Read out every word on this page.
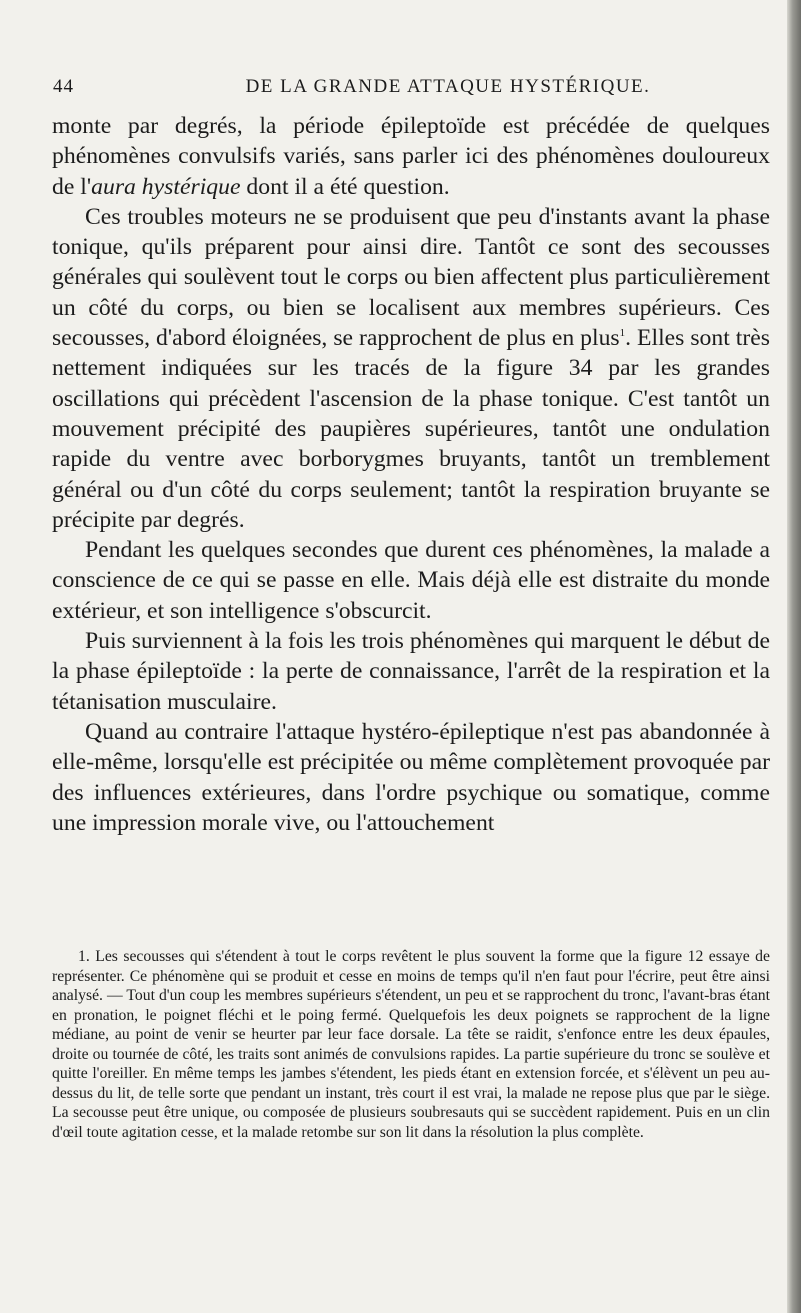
44	DE LA GRANDE ATTAQUE HYSTÉRIQUE.

monte par degrés, la période épileptoïde est précédée de quelques phénomènes convulsifs variés, sans parler ici des phénomènes douloureux de l'aura hystérique dont il a été question.

Ces troubles moteurs ne se produisent que peu d'instants avant la phase tonique, qu'ils préparent pour ainsi dire. Tantôt ce sont des secousses générales qui soulèvent tout le corps ou bien affectent plus particulièrement un côté du corps, ou bien se localisent aux membres supérieurs. Ces secousses, d'abord éloignées, se rapprochent de plus en plus$^1$. Elles sont très nettement indiquées sur les tracés de la figure 34 par les grandes oscillations qui précèdent l'ascension de la phase tonique. C'est tantôt un mouvement précipité des paupières supérieures, tantôt une ondulation rapide du ventre avec borborygmes bruyants, tantôt un tremblement général ou d'un côté du corps seulement; tantôt la respiration bruyante se précipite par degrés.

Pendant les quelques secondes que durent ces phénomènes, la malade a conscience de ce qui se passe en elle. Mais déjà elle est distraite du monde extérieur, et son intelligence s'obscurcit.

Puis surviennent à la fois les trois phénomènes qui marquent le début de la phase épileptoïde : la perte de connaissance, l'arrêt de la respiration et la tétanisation musculaire.

Quand au contraire l'attaque hystéro-épileptique n'est pas abandonnée à elle-même, lorsqu'elle est précipitée ou même complètement provoquée par des influences extérieures, dans l'ordre psychique ou somatique, comme une impression morale vive, ou l'attouchement

1. Les secousses qui s'étendent à tout le corps revêtent le plus souvent la forme que la figure 12 essaye de représenter. Ce phénomène qui se produit et cesse en moins de temps qu'il n'en faut pour l'écrire, peut être ainsi analysé. — Tout d'un coup les membres supérieurs s'étendent, un peu et se rapprochent du tronc, l'avant-bras étant en pronation, le poignet fléchi et le poing fermé. Quelquefois les deux poignets se rapprochent de la ligne médiane, au point de venir se heurter par leur face dorsale. La tête se raidit, s'enfonce entre les deux épaules, droite ou tournée de côté, les traits sont animés de convulsions rapides. La partie supérieure du tronc se soulève et quitte l'oreiller. En même temps les jambes s'étendent, les pieds étant en extension forcée, et s'élèvent un peu au-dessus du lit, de telle sorte que pendant un instant, très court il est vrai, la malade ne repose plus que par le siège. La secousse peut être unique, ou composée de plusieurs soubresauts qui se succèdent rapidement. Puis en un clin d'œil toute agitation cesse, et la malade retombe sur son lit dans la résolution la plus complète.
